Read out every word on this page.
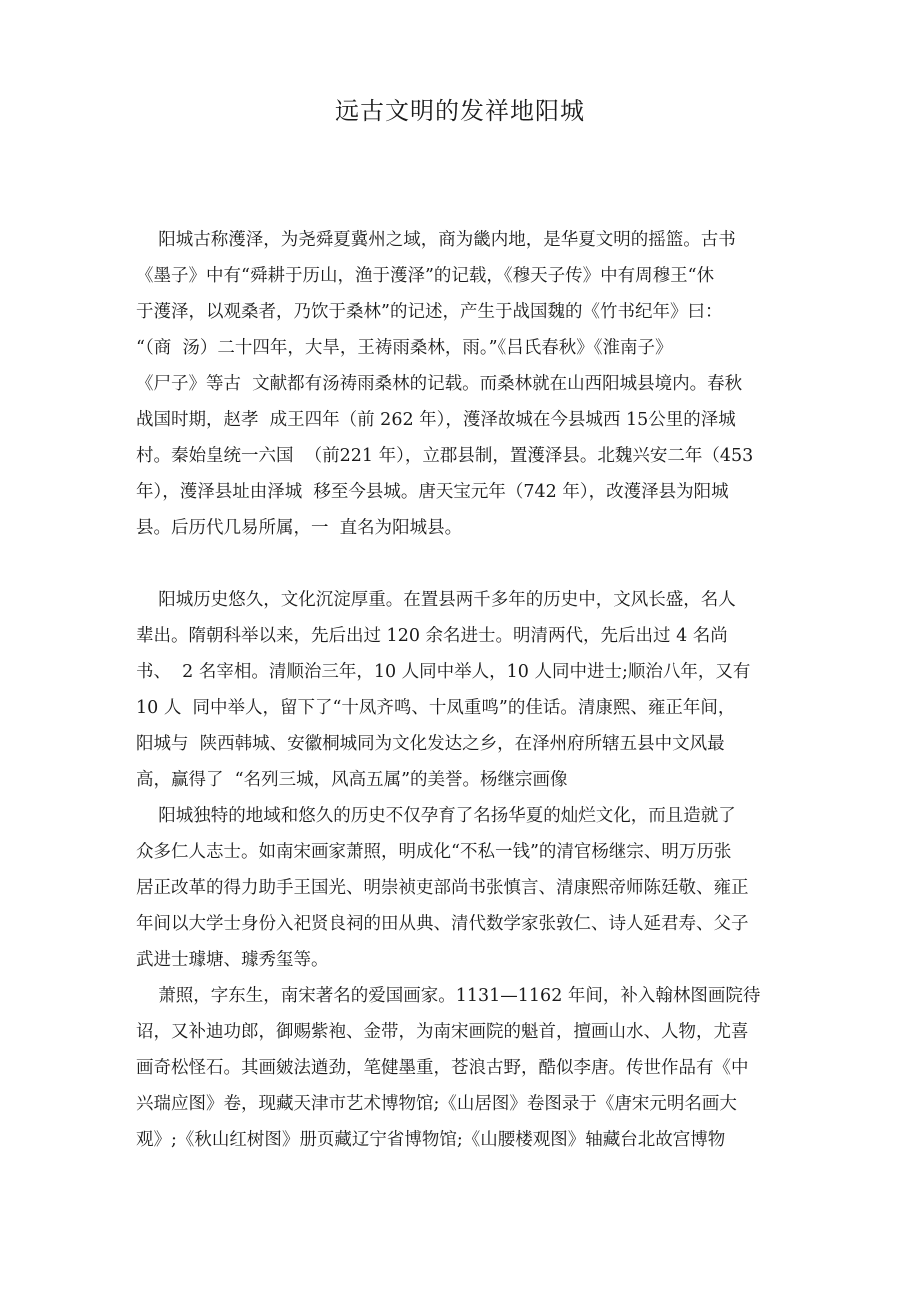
远古文明的发祥地阳城
阳城古称濩泽，为尧舜夏冀州之域，商为畿内地，是华夏文明的摇篮。古书
《墨子》中有“舜耕于历山，渔于濩泽”的记载，《穆天子传》中有周穆王“休
于濩泽，以观桑者，乃饮于桑林”的记述，产生于战国魏的《竹书纪年》曰：
“（商  汤）二十四年，大旱，王祷雨桑林，雨。”《吕氏春秋》《淮南子》
《尸子》等古  文献都有汤祷雨桑林的记载。而桑林就在山西阳城县境内。春秋
战国时期，赵孝  成王四年（前 262 年），濩泽故城在今县城西 15公里的泽城
村。秦始皇统一六国  （前221 年），立郡县制，置濩泽县。北魏兴安二年（453
年），濩泽县址由泽城  移至今县城。唐天宝元年（742 年），改濩泽县为阳城
县。后历代几易所属，一  直名为阳城县。
阳城历史悠久，文化沉淀厚重。在置县两千多年的历史中，文风长盛，名人
辈出。隋朝科举以来，先后出过 120 余名进士。明清两代，先后出过 4 名尚
书、  2 名宰相。清顺治三年，10 人同中举人，10 人同中进士;顺治八年，又有
10 人  同中举人，留下了“十凤齐鸣、十凤重鸣”的佳话。清康熙、雍正年间，
阳城与  陕西韩城、安徽桐城同为文化发达之乡，在泽州府所辖五县中文风最
高，赢得了  “名列三城，风高五属”的美誉。杨继宗画像
阳城独特的地域和悠久的历史不仅孕育了名扬华夏的灿烂文化，而且造就了
众多仁人志士。如南宋画家萧照，明成化“不私一钱”的清官杨继宗、明万历张
居正改革的得力助手王国光、明崇祯吏部尚书张慎言、清康熙帝师陈廷敬、雍正
年间以大学士身份入祀贤良祠的田从典、清代数学家张敦仁、诗人延君寿、父子
武进士璩塘、璩秀玺等。
萧照，字东生，南宋著名的爱国画家。1131—1162 年间，补入翰林图画院待
诏，又补迪功郎，御赐紫袍、金带，为南宋画院的魁首，擅画山水、人物，尤喜
画奇松怪石。其画皴法遒劲，笔健墨重，苍浪古野，酷似李唐。传世作品有《中
兴瑞应图》卷，现藏天津市艺术博物馆;《山居图》卷图录于《唐宋元明名画大
观》;《秋山红树图》册页藏辽宁省博物馆;《山腰楼观图》轴藏台北故宫博物
